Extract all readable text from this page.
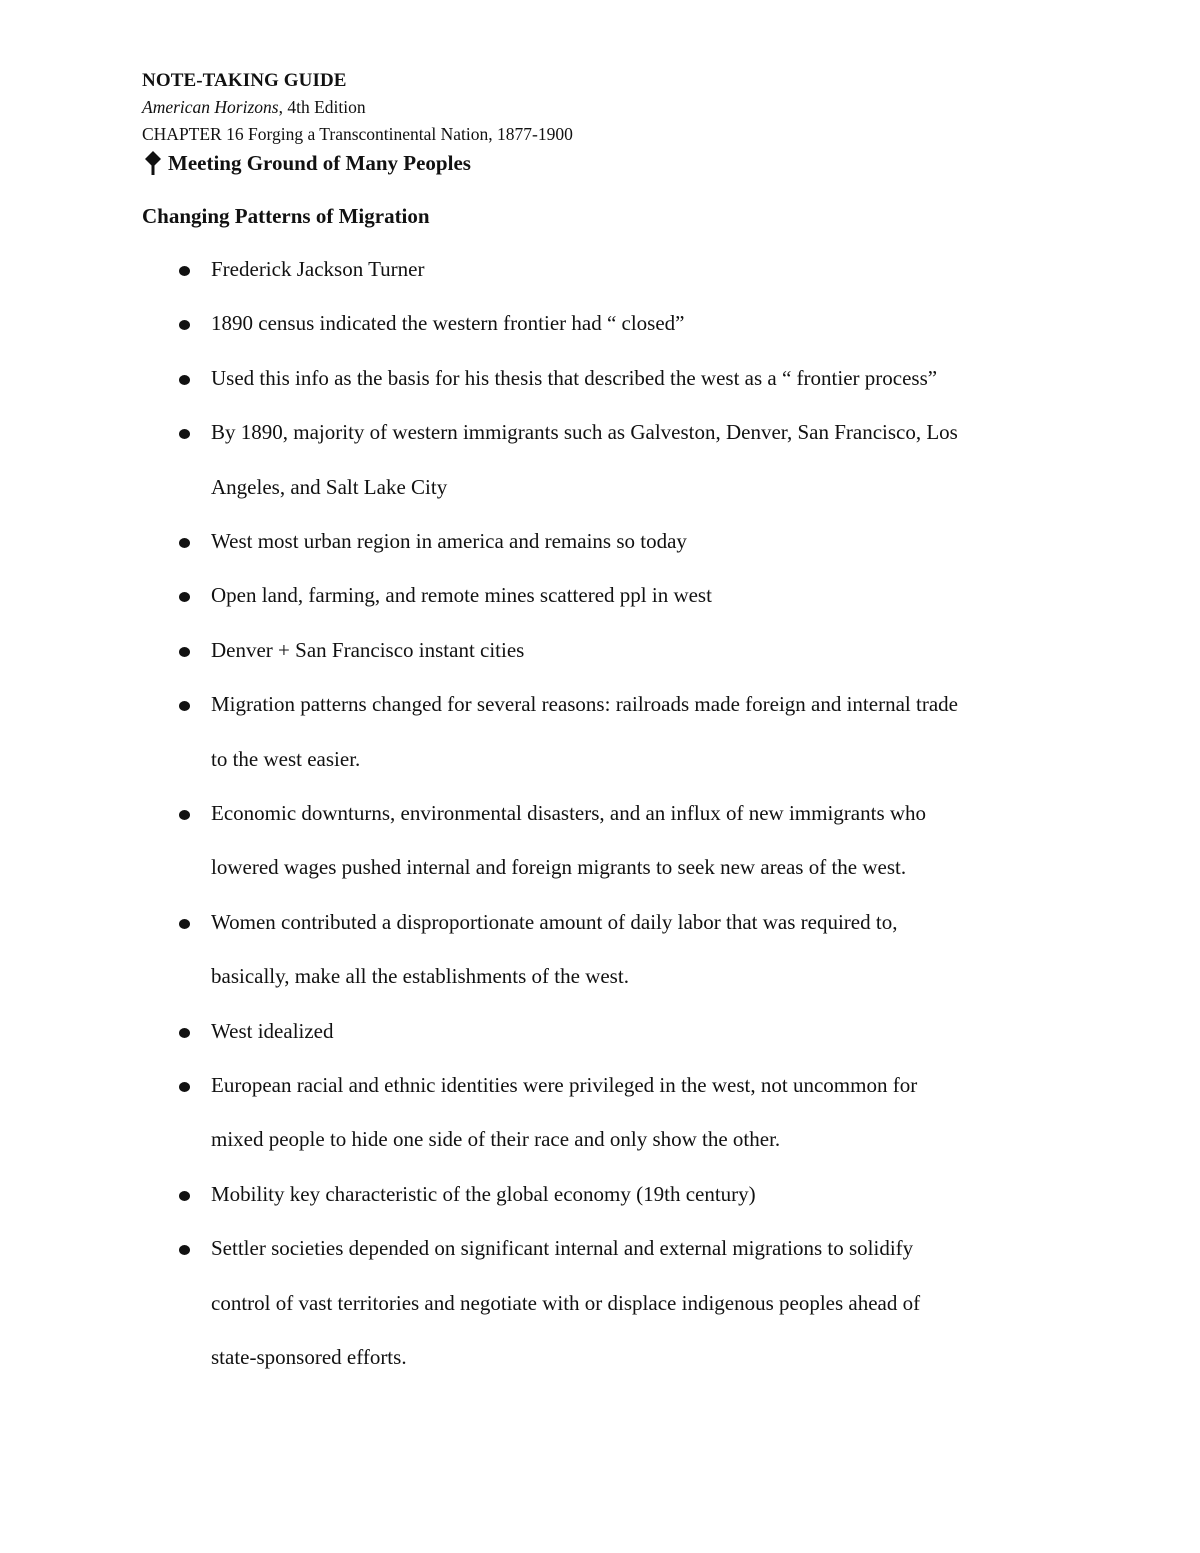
NOTE-TAKING GUIDE
American Horizons, 4th Edition
CHAPTER 16 Forging a Transcontinental Nation, 1877-1900
Meeting Ground of Many Peoples
Changing Patterns of Migration
Frederick Jackson Turner
1890 census indicated the western frontier had “ closed”
Used this info as the basis for his thesis that described the west as a “ frontier process”
By 1890, majority of western immigrants such as Galveston, Denver, San Francisco, Los
Angeles, and Salt Lake City
West most urban region in america and remains so today
Open land, farming, and remote mines scattered ppl in west
Denver + San Francisco instant cities
Migration patterns changed for several reasons: railroads made foreign and internal trade
to the west easier.
Economic downturns, environmental disasters, and an influx of new immigrants who
lowered wages pushed internal and foreign migrants to seek new areas of the west.
Women contributed a disproportionate amount of daily labor that was required to,
basically, make all the establishments of the west.
West idealized
European racial and ethnic identities were privileged in the west, not uncommon for
mixed people to hide one side of their race and only show the other.
Mobility key characteristic of the global economy (19th century)
Settler societies depended on significant internal and external migrations to solidify
control of vast territories and negotiate with or displace indigenous peoples ahead of
state-sponsored efforts.
